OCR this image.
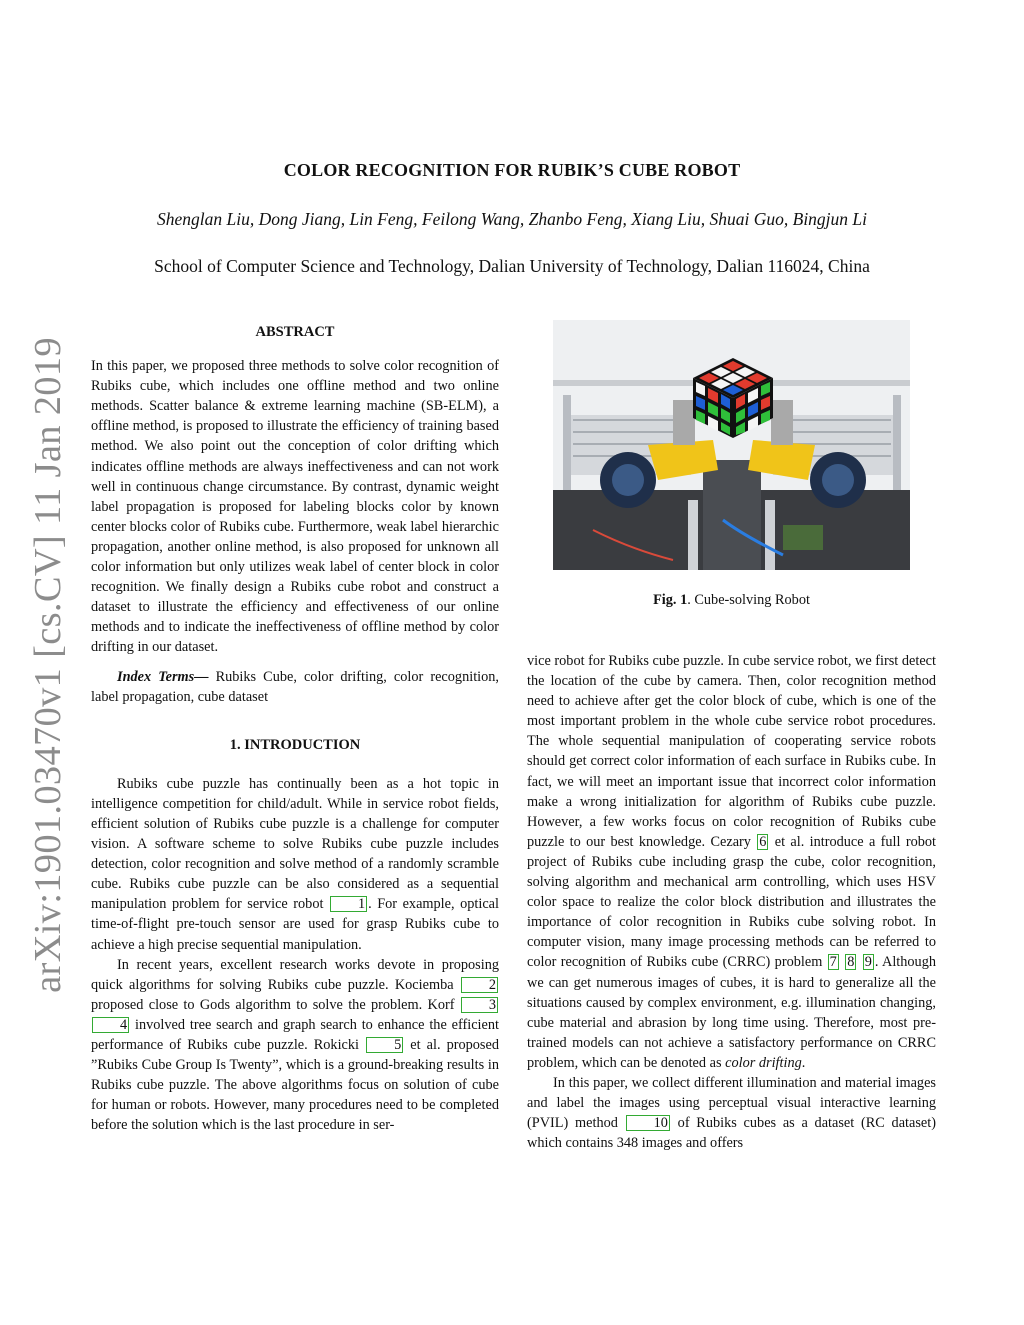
arXiv:1901.03470v1 [cs.CV] 11 Jan 2019
COLOR RECOGNITION FOR RUBIK’S CUBE ROBOT
Shenglan Liu, Dong Jiang, Lin Feng, Feilong Wang, Zhanbo Feng, Xiang Liu, Shuai Guo, Bingjun Li
School of Computer Science and Technology, Dalian University of Technology, Dalian 116024, China
ABSTRACT

In this paper, we proposed three methods to solve color recognition of Rubiks cube, which includes one offline method and two online methods. Scatter balance & extreme learning machine (SB-ELM), a offline method, is proposed to illustrate the efficiency of training based method. We also point out the conception of color drifting which indicates offline methods are always ineffectiveness and can not work well in continuous change circumstance. By contrast, dynamic weight label propagation is proposed for labeling blocks color by known center blocks color of Rubiks cube. Furthermore, weak label hierarchic propagation, another online method, is also proposed for unknown all color information but only utilizes weak label of center block in color recognition. We finally design a Rubiks cube robot and construct a dataset to illustrate the efficiency and effectiveness of our online methods and to indicate the ineffectiveness of offline method by color drifting in our dataset.

Index Terms— Rubiks Cube, color drifting, color recognition, label propagation, cube dataset

1. INTRODUCTION

Rubiks cube puzzle has continually been as a hot topic in intelligence competition for child/adult. While in service robot fields, efficient solution of Rubiks cube puzzle is a challenge for computer vision. A software scheme to solve Rubiks cube puzzle includes detection, color recognition and solve method of a randomly scramble cube. Rubiks cube puzzle can be also considered as a sequential manipulation problem for service robot 1 . For example, optical time-of-flight pre-touch sensor are used for grasp Rubiks cube to achieve a high precise sequential manipulation.

In recent years, excellent research works devote in proposing quick algorithms for solving Rubiks cube puzzle. Kociemba 2 proposed close to Gods algorithm to solve the problem. Korf 3 4 involved tree search and graph search to enhance the efficient performance of Rubiks cube puzzle. Rokicki 5 et al. proposed ”Rubiks Cube Group Is Twenty”, which is a ground-breaking results in Rubiks cube puzzle. The above algorithms focus on solution of cube for human or robots. However, many procedures need to be completed before the solution which is the last procedure in ser-

Fig. 1. Cube-solving Robot

vice robot for Rubiks cube puzzle. In cube service robot, we first detect the location of the cube by camera. Then, color recognition method need to achieve after get the color block of cube, which is one of the most important problem in the whole cube service robot procedures. The whole sequential manipulation of cooperating service robots should get correct color information of each surface in Rubiks cube. In fact, we will meet an important issue that incorrect color information make a wrong initialization for algorithm of Rubiks cube puzzle. However, a few works focus on color recognition of Rubiks cube puzzle to our best knowledge. Cezary 6 et al. introduce a full robot project of Rubiks cube including grasp the cube, color recognition, solving algorithm and mechanical arm controlling, which uses HSV color space to realize the color block distribution and illustrates the importance of color recognition in Rubiks cube solving robot. In computer vision, many image processing methods can be referred to color recognition of Rubiks cube (CRRC) problem 7 8 9 . Although we can get numerous images of cubes, it is hard to generalize all the situations caused by complex environment, e.g. illumination changing, cube material and abrasion by long time using. Therefore, most pre-trained models can not achieve a satisfactory performance on CRRC problem, which can be denoted as color drifting.

In this paper, we collect different illumination and material images and label the images using perceptual visual interactive learning (PVIL) method 10 of Rubiks cubes as a dataset (RC dataset) which contains 348 images and offers
